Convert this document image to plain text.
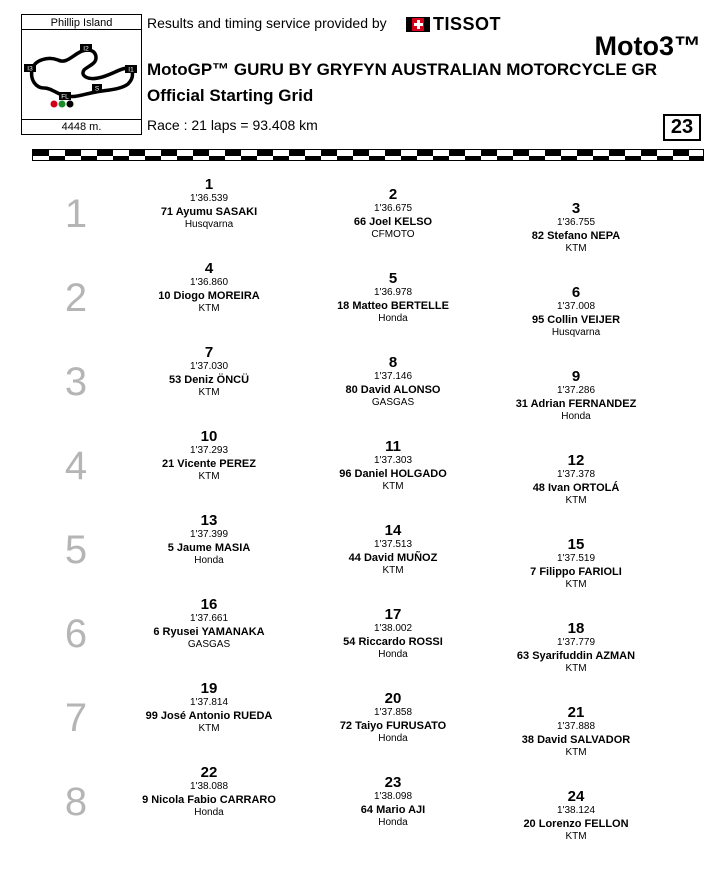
Phillip Island
I2
I3	I1
S
FL
4448 m.
Results and timing service provided by	TISSOT
Moto3™
MotoGP™ GURU BY GRYFYN AUSTRALIAN MOTORCYCLE GR
Official Starting Grid
Race : 21 laps = 93.408 km	23
1
1
1'36.539
71 Ayumu SASAKI
Husqvarna
2
1'36.675
66 Joel KELSO
CFMOTO
3
1'36.755
82 Stefano NEPA
KTM
2
4
1'36.860
10 Diogo MOREIRA
KTM
5
1'36.978
18 Matteo BERTELLE
Honda
6
1'37.008
95 Collin VEIJER
Husqvarna
3
7
1'37.030
53 Deniz ÖNCÜ
KTM
8
1'37.146
80 David ALONSO
GASGAS
9
1'37.286
31 Adrian FERNANDEZ
Honda
4
10
1'37.293
21 Vicente PEREZ
KTM
11
1'37.303
96 Daniel HOLGADO
KTM
12
1'37.378
48 Ivan ORTOLÁ
KTM
5
13
1'37.399
5 Jaume MASIA
Honda
14
1'37.513
44 David MUÑOZ
KTM
15
1'37.519
7 Filippo FARIOLI
KTM
6
16
1'37.661
6 Ryusei YAMANAKA
GASGAS
17
1'38.002
54 Riccardo ROSSI
Honda
18
1'37.779
63 Syarifuddin AZMAN
KTM
7
19
1'37.814
99 José Antonio RUEDA
KTM
20
1'37.858
72 Taiyo FURUSATO
Honda
21
1'37.888
38 David SALVADOR
KTM
8
22
1'38.088
9 Nicola Fabio CARRARO
Honda
23
1'38.098
64 Mario AJI
Honda
24
1'38.124
20 Lorenzo FELLON
KTM
